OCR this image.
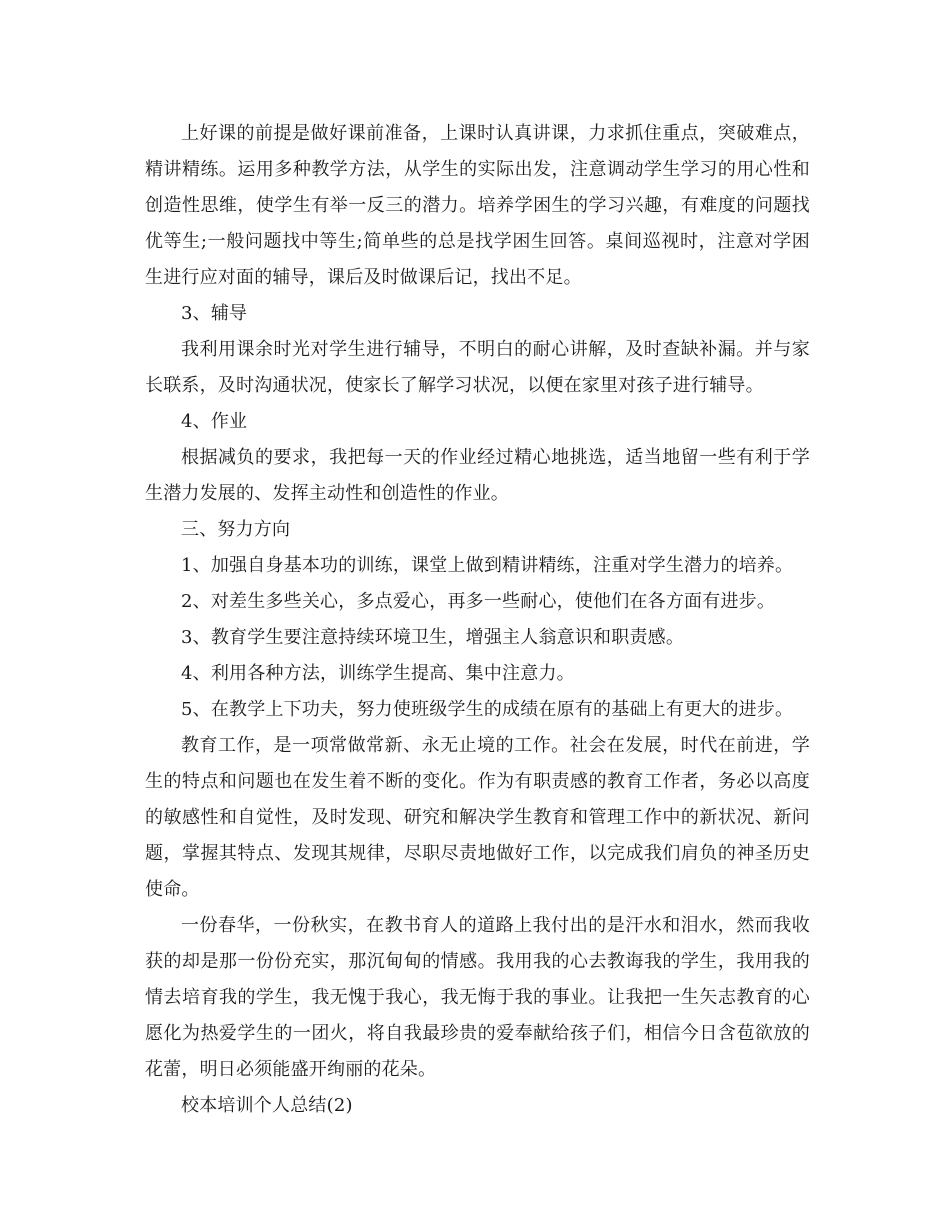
上好课的前提是做好课前准备，上课时认真讲课，力求抓住重点，突破难点，精讲精练。运用多种教学方法，从学生的实际出发，注意调动学生学习的用心性和创造性思维，使学生有举一反三的潜力。培养学困生的学习兴趣，有难度的问题找优等生;一般问题找中等生;简单些的总是找学困生回答。桌间巡视时，注意对学困生进行应对面的辅导，课后及时做课后记，找出不足。

3、辅导

我利用课余时光对学生进行辅导，不明白的耐心讲解，及时查缺补漏。并与家长联系，及时沟通状况，使家长了解学习状况，以便在家里对孩子进行辅导。

4、作业

根据减负的要求，我把每一天的作业经过精心地挑选，适当地留一些有利于学生潜力发展的、发挥主动性和创造性的作业。

三、努力方向

1、加强自身基本功的训练，课堂上做到精讲精练，注重对学生潜力的培养。

2、对差生多些关心，多点爱心，再多一些耐心，使他们在各方面有进步。

3、教育学生要注意持续环境卫生，增强主人翁意识和职责感。

4、利用各种方法，训练学生提高、集中注意力。

5、在教学上下功夫，努力使班级学生的成绩在原有的基础上有更大的进步。

教育工作，是一项常做常新、永无止境的工作。社会在发展，时代在前进，学生的特点和问题也在发生着不断的变化。作为有职责感的教育工作者，务必以高度的敏感性和自觉性，及时发现、研究和解决学生教育和管理工作中的新状况、新问题，掌握其特点、发现其规律，尽职尽责地做好工作，以完成我们肩负的神圣历史使命。

一份春华，一份秋实，在教书育人的道路上我付出的是汗水和泪水，然而我收获的却是那一份份充实，那沉甸甸的情感。我用我的心去教诲我的学生，我用我的情去培育我的学生，我无愧于我心，我无悔于我的事业。让我把一生矢志教育的心愿化为热爱学生的一团火，将自我最珍贵的爱奉献给孩子们，相信今日含苞欲放的花蕾，明日必须能盛开绚丽的花朵。

校本培训个人总结(2)
